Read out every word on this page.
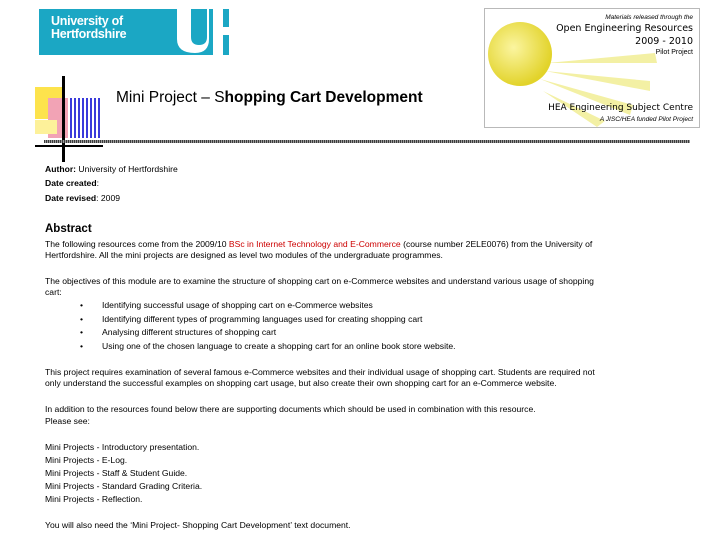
University of
Hertfordshire
Materials released through the
Open Engineering Resources
2009 - 2010
Pilot Project
HEA Engineering Subject Centre
A JISC/HEA funded Pilot Project
Mini Project – Shopping Cart Development
Author: University of Hertfordshire
Date created:
Date revised: 2009
Abstract
The following resources come from the 2009/10 BSc in Internet Technology and E-Commerce (course number 2ELE0076) from the University of
Hertfordshire. All the mini projects are designed as level two modules of the undergraduate programmes.
The objectives of this module are to examine the structure of shopping cart on e-Commerce websites and understand various usage of shopping
cart:
• Identifying successful usage of shopping cart on e-Commerce websites
• Identifying different types of programming languages used for creating shopping cart
• Analysing different structures of shopping cart
• Using one of the chosen language to create a shopping cart for an online book store website.
This project requires examination of several famous e-Commerce websites and their individual usage of shopping cart. Students are required not
only understand the successful examples on shopping cart usage, but also create their own shopping cart for an e-Commerce website.
In addition to the resources found below there are supporting documents which should be used in combination with this resource.
Please see:
Mini Projects - Introductory presentation.
Mini Projects - E-Log.
Mini Projects - Staff & Student Guide.
Mini Projects - Standard Grading Criteria.
Mini Projects - Reflection.
You will also need the ‘Mini Project- Shopping Cart Development’ text document.
